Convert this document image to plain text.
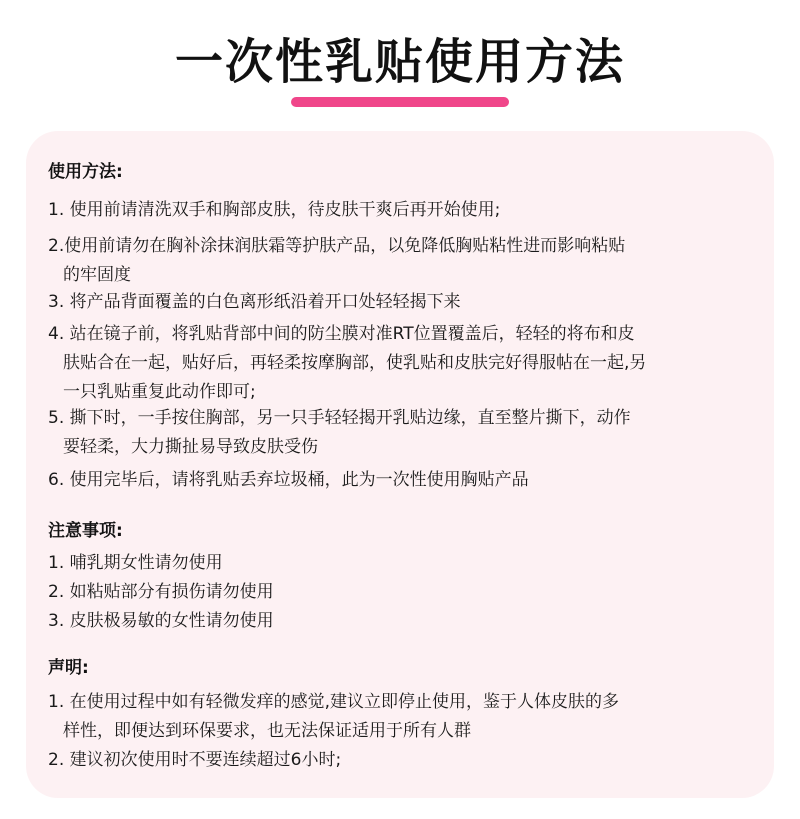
一次性乳贴使用方法
使用方法:
1. 使用前请清洗双手和胸部皮肤，待皮肤干爽后再开始使用;
2.使用前请勿在胸补涂抹润肤霜等护肤产品，以免降低胸贴粘性进而影响粘贴
的牢固度
3. 将产品背面覆盖的白色离形纸沿着开口处轻轻揭下来
4. 站在镜子前，将乳贴背部中间的防尘膜对准RT位置覆盖后，轻轻的将布和皮
肤贴合在一起，贴好后，再轻柔按摩胸部，使乳贴和皮肤完好得服帖在一起,另
一只乳贴重复此动作即可;
5. 撕下时，一手按住胸部，另一只手轻轻揭开乳贴边缘，直至整片撕下，动作
要轻柔，大力撕扯易导致皮肤受伤
6. 使用完毕后，请将乳贴丢弃垃圾桶，此为一次性使用胸贴产品
注意事项:
1. 哺乳期女性请勿使用
2. 如粘贴部分有损伤请勿使用
3. 皮肤极易敏的女性请勿使用
声明:
1. 在使用过程中如有轻微发痒的感觉,建议立即停止使用，鉴于人体皮肤的多
样性，即便达到环保要求，也无法保证适用于所有人群
2. 建议初次使用时不要连续超过6小时;
